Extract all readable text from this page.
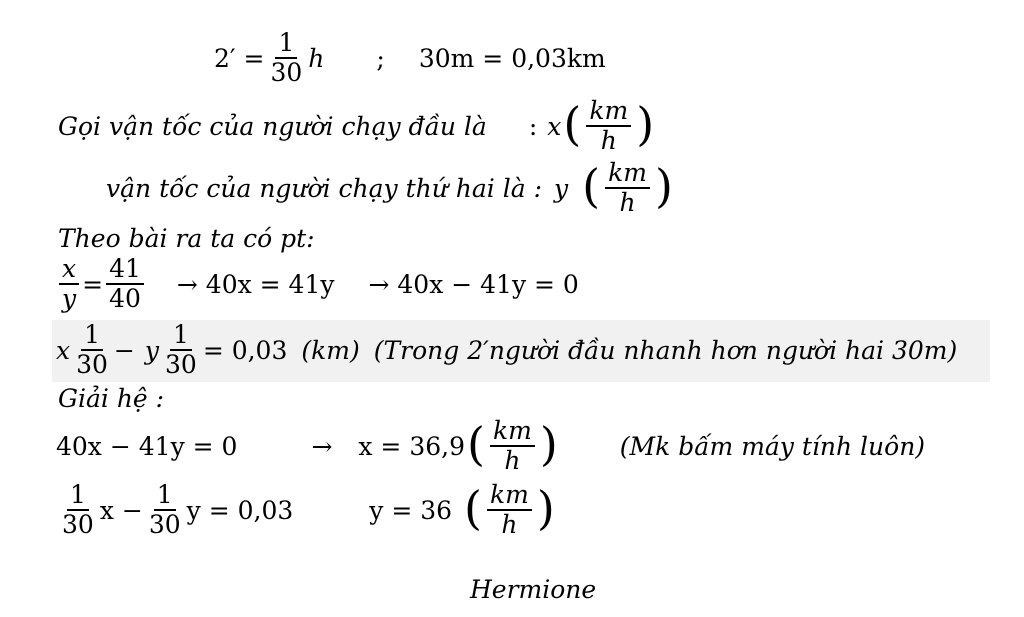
$2' = \frac{1}{30}$ h ; 30m = 0,03km
Gọi vận tốc của người chạy đầu là : x ( $\frac{km}{h}$ )
vận tốc của người chạy thứ hai là : y ( $\frac{km}{h}$ )
Theo bài ra ta có pt:
$\frac{x}{y} = \frac{41}{40} \to 40x = 41y \to 40x - 41y = 0$
x $\frac{1}{30} - y \frac{1}{30} = 0,03$ (km) (Trong 2′người đầu nhanh hơn người hai 30m)
Giải hệ :
40x − 41y = 0	→ x = 36,9 ( $\frac{km}{h}$ ) (Mk bấm máy tính luôn)
$\frac{1}{30}$ $x - \frac{1}{30}$ y = 0,03	y = 36 ( $\frac{km}{h}$ )
Hermione
